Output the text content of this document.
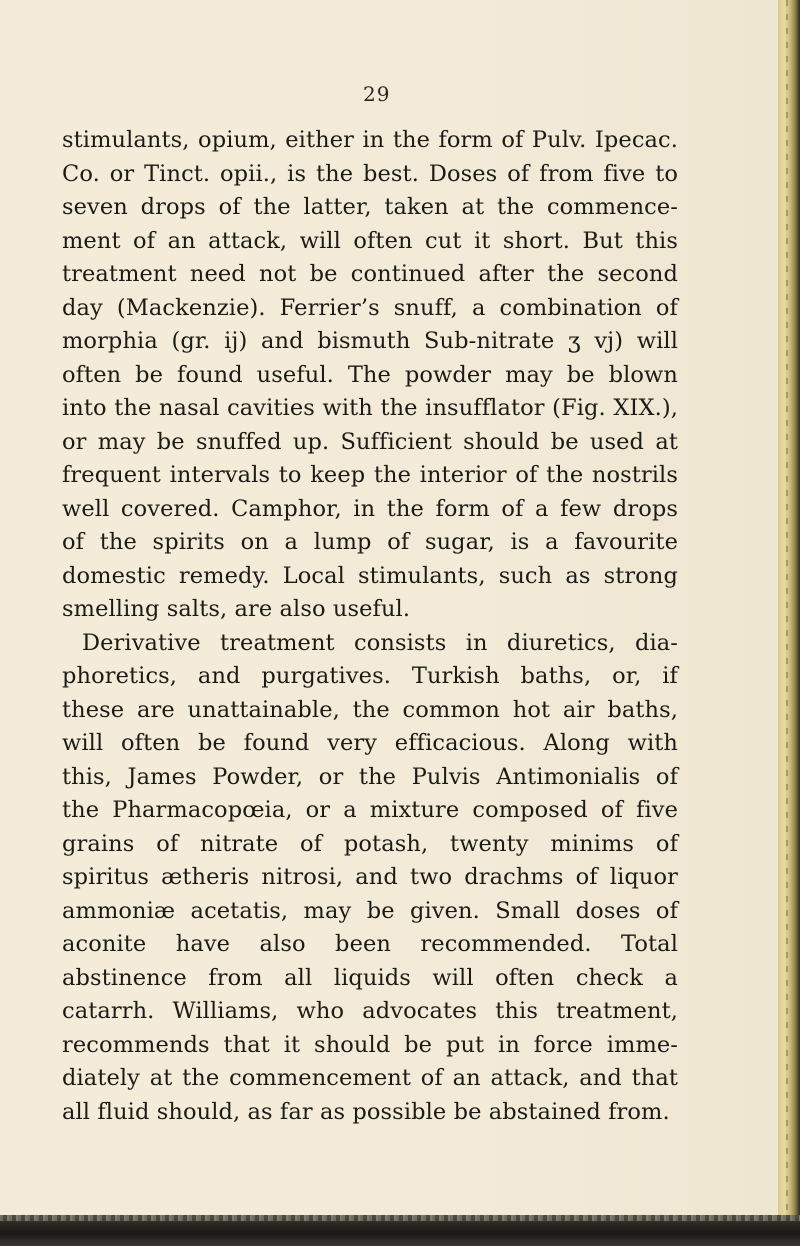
29
stimulants, opium, either in the form of Pulv. Ipecac.
Co. or Tinct. opii., is the best. Doses of from five to
seven drops of the latter, taken at the commence-
ment of an attack, will often cut it short. But this
treatment need not be continued after the second
day (Mackenzie). Ferrier’s snuff, a combination of
morphia (gr. ij) and bismuth Sub-nitrate ʒ vj) will
often be found useful. The powder may be blown
into the nasal cavities with the insufflator (Fig. XIX.),
or may be snuffed up. Sufficient should be used at
frequent intervals to keep the interior of the nostrils
well covered. Camphor, in the form of a few drops
of the spirits on a lump of sugar, is a favourite
domestic remedy. Local stimulants, such as strong
smelling salts, are also useful.
Derivative treatment consists in diuretics, dia-
phoretics, and purgatives. Turkish baths, or, if
these are unattainable, the common hot air baths,
will often be found very efficacious. Along with
this, James Powder, or the Pulvis Antimonialis of
the Pharmacopœia, or a mixture composed of five
grains of nitrate of potash, twenty minims of
spiritus ætheris nitrosi, and two drachms of liquor
ammoniæ acetatis, may be given. Small doses of
aconite have also been recommended. Total
abstinence from all liquids will often check a
catarrh. Williams, who advocates this treatment,
recommends that it should be put in force imme-
diately at the commencement of an attack, and that
all fluid should, as far as possible be abstained from.
